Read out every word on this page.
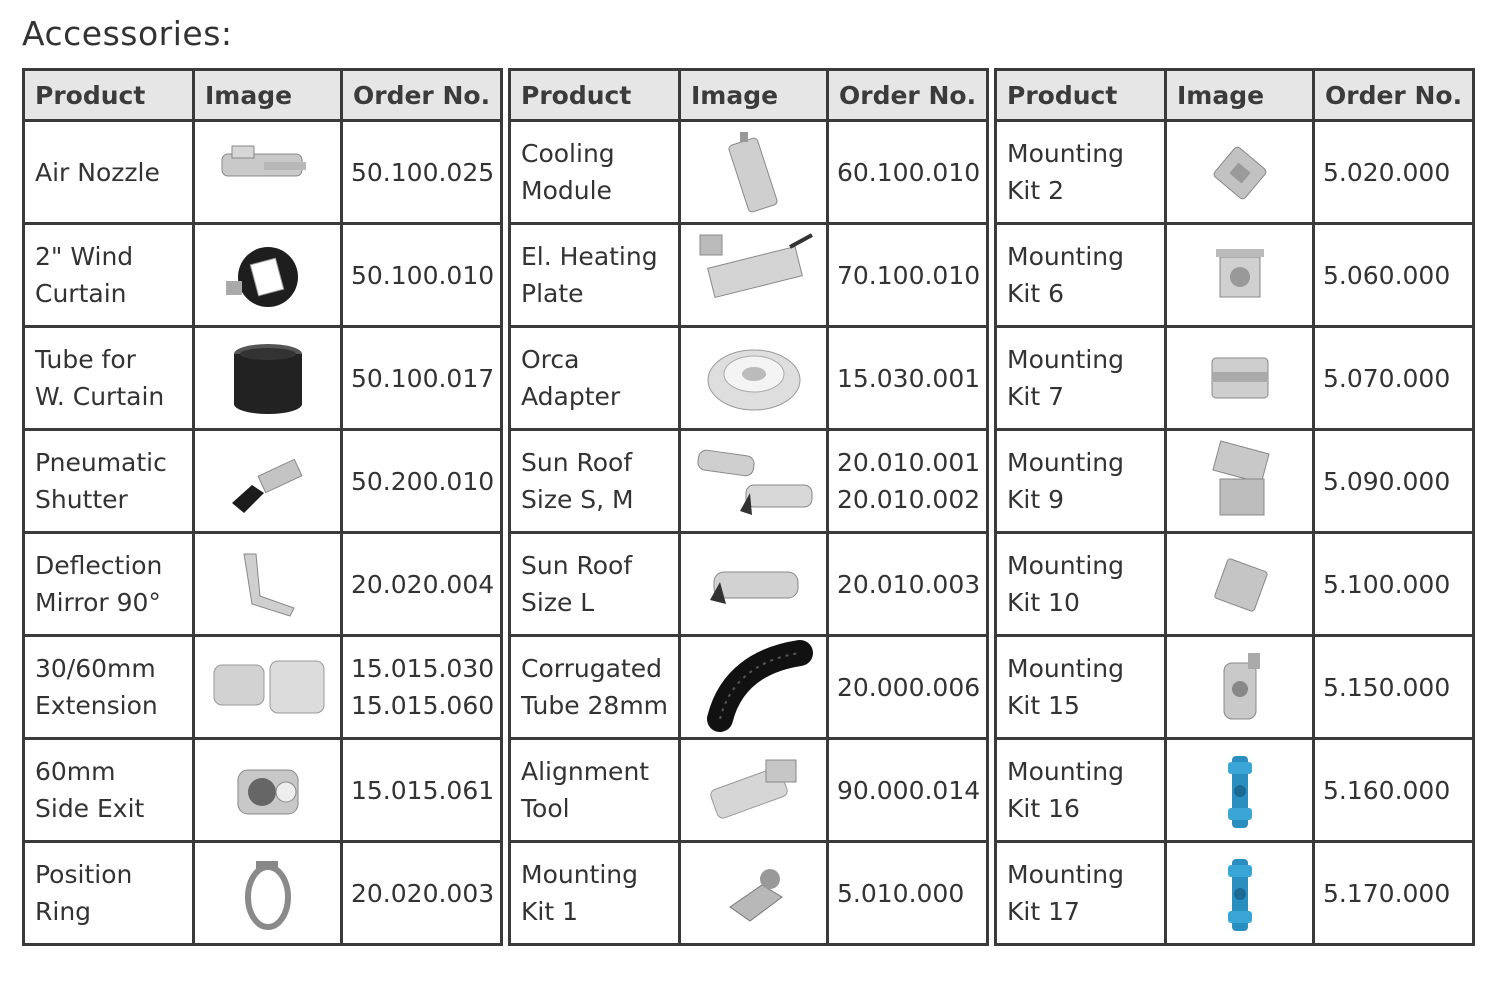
Accessories:
Product	Image	Order No.

Air Nozzle		50.100.025

2" Wind
Curtain		50.100.010

Tube for
W. Curtain		50.100.017

Pneumatic
Shutter		50.200.010

Deflection
Mirror 90°		20.020.004

30/60mm
Extension		15.015.030
15.015.060

60mm
Side Exit		15.015.061

Position
Ring		20.020.003
Product	Image	Order No.

Cooling
Module		60.100.010

El. Heating
Plate		70.100.010

Orca
Adapter		15.030.001

Sun Roof
Size S, M		20.010.001
20.010.002

Sun Roof
Size L		20.010.003

Corrugated
Tube 28mm		20.000.006

Alignment
Tool		90.000.014

Mounting
Kit 1		5.010.000
Product	Image	Order No.

Mounting
Kit 2		5.020.000

Mounting
Kit 6		5.060.000

Mounting
Kit 7		5.070.000

Mounting
Kit 9		5.090.000

Mounting
Kit 10		5.100.000

Mounting
Kit 15		5.150.000

Mounting
Kit 16		5.160.000

Mounting
Kit 17		5.170.000
